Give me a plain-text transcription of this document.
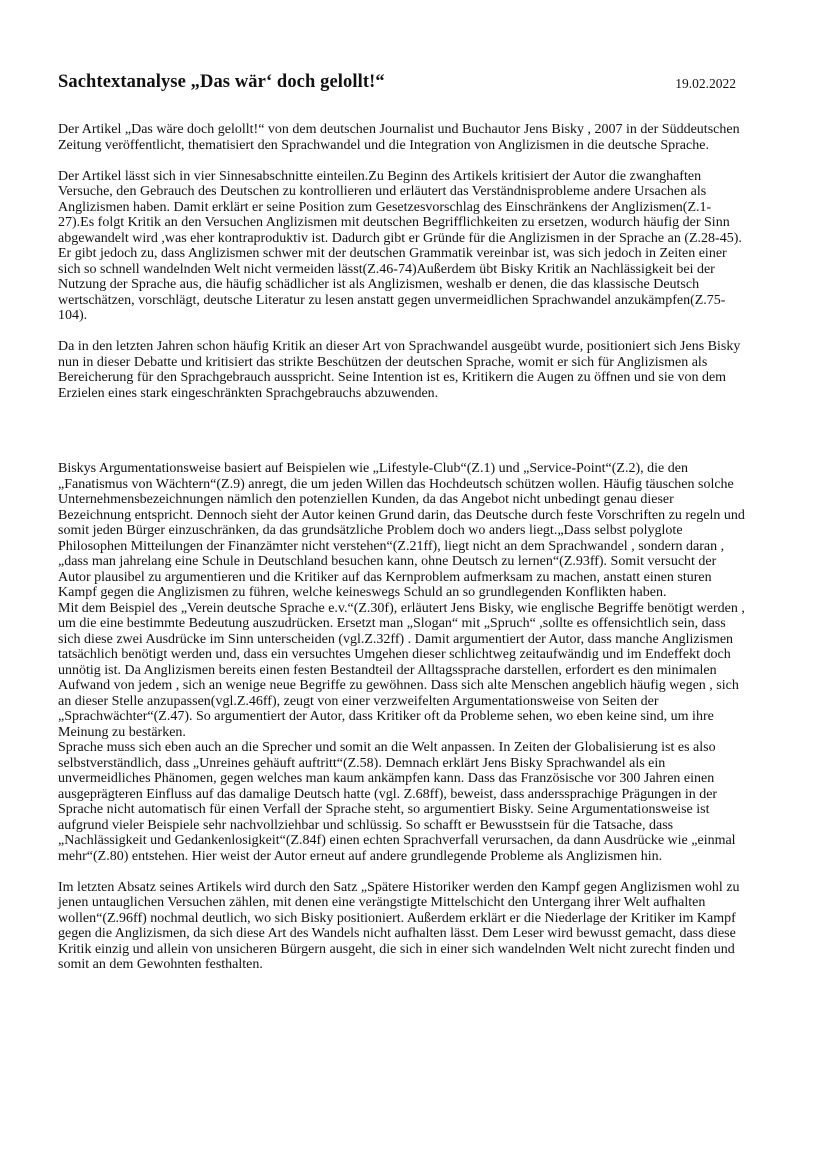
Sachtextanalyse „Das wär‘ doch gelollt!“	19.02.2022

Der Artikel „Das wäre doch gelollt!“ von dem deutschen Journalist und Buchautor Jens Bisky , 2007 in der Süddeutschen Zeitung veröffentlicht, thematisiert den Sprachwandel und die Integration von Anglizismen in die deutsche Sprache.

Der Artikel lässt sich in vier Sinnesabschnitte einteilen.Zu Beginn des Artikels kritisiert der Autor die zwanghaften Versuche, den Gebrauch des Deutschen zu kontrollieren und erläutert das Verständnisprobleme andere Ursachen als Anglizismen haben. Damit erklärt er seine Position zum Gesetzesvorschlag des Einschränkens der Anglizismen(Z.1-27).Es folgt Kritik an den Versuchen Anglizismen mit deutschen Begrifflichkeiten zu ersetzen, wodurch häufig der Sinn abgewandelt wird ,was eher kontraproduktiv ist. Dadurch gibt er Gründe für die Anglizismen in der Sprache an (Z.28-45). Er gibt jedoch zu, dass Anglizismen schwer mit der deutschen Grammatik vereinbar ist, was sich jedoch in Zeiten einer sich so schnell wandelnden Welt nicht vermeiden lässt(Z.46-74)Außerdem übt Bisky Kritik an Nachlässigkeit bei der Nutzung der Sprache aus, die häufig schädlicher ist als Anglizismen, weshalb er denen, die das klassische Deutsch wertschätzen, vorschlägt, deutsche Literatur zu lesen anstatt gegen unvermeidlichen Sprachwandel anzukämpfen(Z.75-104).

Da in den letzten Jahren schon häufig Kritik an dieser Art von Sprachwandel ausgeübt wurde, positioniert sich Jens Bisky nun in dieser Debatte und kritisiert das strikte Beschützen der deutschen Sprache, womit er sich für Anglizismen als Bereicherung für den Sprachgebrauch ausspricht. Seine Intention ist es, Kritikern die Augen zu öffnen und sie von dem Erzielen eines stark eingeschränkten Sprachgebrauchs abzuwenden.

Biskys Argumentationsweise basiert auf Beispielen wie „Lifestyle-Club“(Z.1) und „Service-Point“(Z.2), die den „Fanatismus von Wächtern“(Z.9) anregt, die um jeden Willen das Hochdeutsch schützen wollen. Häufig täuschen solche Unternehmensbezeichnungen nämlich den potenziellen Kunden, da das Angebot nicht unbedingt genau dieser Bezeichnung entspricht. Dennoch sieht der Autor keinen Grund darin, das Deutsche durch feste Vorschriften zu regeln und somit jeden Bürger einzuschränken, da das grundsätzliche Problem doch wo anders liegt.„Dass selbst polyglote Philosophen Mitteilungen der Finanzämter nicht verstehen“(Z.21ff), liegt nicht an dem Sprachwandel , sondern daran , „dass man jahrelang eine Schule in Deutschland besuchen kann, ohne Deutsch zu lernen“(Z.93ff). Somit versucht der Autor plausibel zu argumentieren und die Kritiker auf das Kernproblem aufmerksam zu machen, anstatt einen sturen Kampf gegen die Anglizismen zu führen, welche keineswegs Schuld an so grundlegenden Konflikten haben.

Mit dem Beispiel des „Verein deutsche Sprache e.v.“(Z.30f), erläutert Jens Bisky, wie englische Begriffe benötigt werden , um die eine bestimmte Bedeutung auszudrücken. Ersetzt man „Slogan“ mit „Spruch“ ,sollte es offensichtlich sein, dass sich diese zwei Ausdrücke im Sinn unterscheiden (vgl.Z.32ff) . Damit argumentiert der Autor, dass manche Anglizismen tatsächlich benötigt werden und, dass ein versuchtes Umgehen dieser schlichtweg zeitaufwändig und im Endeffekt doch unnötig ist. Da Anglizismen bereits einen festen Bestandteil der Alltagssprache darstellen, erfordert es den minimalen Aufwand von jedem , sich an wenige neue Begriffe zu gewöhnen. Dass sich alte Menschen angeblich häufig wegen , sich an dieser Stelle anzupassen(vgl.Z.46ff), zeugt von einer verzweifelten Argumentationsweise von Seiten der „Sprachwächter“(Z.47). So argumentiert der Autor, dass Kritiker oft da Probleme sehen, wo eben keine sind, um ihre Meinung zu bestärken.

Sprache muss sich eben auch an die Sprecher und somit an die Welt anpassen. In Zeiten der Globalisierung ist es also selbstverständlich, dass „Unreines gehäuft auftritt“(Z.58). Demnach erklärt Jens Bisky Sprachwandel als ein unvermeidliches Phänomen, gegen welches man kaum ankämpfen kann. Dass das Französische vor 300 Jahren einen ausgeprägteren Einfluss auf das damalige Deutsch hatte (vgl. Z.68ff), beweist, dass anderssprachige Prägungen in der Sprache nicht automatisch für einen Verfall der Sprache steht, so argumentiert Bisky. Seine Argumentationsweise ist aufgrund vieler Beispiele sehr nachvollziehbar und schlüssig. So schafft er Bewusstsein für die Tatsache, dass „Nachlässigkeit und Gedankenlosigkeit“(Z.84f) einen echten Sprachverfall verursachen, da dann Ausdrücke wie „einmal mehr“(Z.80) entstehen. Hier weist der Autor erneut auf andere grundlegende Probleme als Anglizismen hin.

Im letzten Absatz seines Artikels wird durch den Satz „Spätere Historiker werden den Kampf gegen Anglizismen wohl zu jenen untauglichen Versuchen zählen, mit denen eine verängstigte Mittelschicht den Untergang ihrer Welt aufhalten wollen“(Z.96ff) nochmal deutlich, wo sich Bisky positioniert. Außerdem erklärt er die Niederlage der Kritiker im Kampf gegen die Anglizismen, da sich diese Art des Wandels nicht aufhalten lässt. Dem Leser wird bewusst gemacht, dass diese Kritik einzig und allein von unsicheren Bürgern ausgeht, die sich in einer sich wandelnden Welt nicht zurecht finden und somit an dem Gewohnten festhalten.
